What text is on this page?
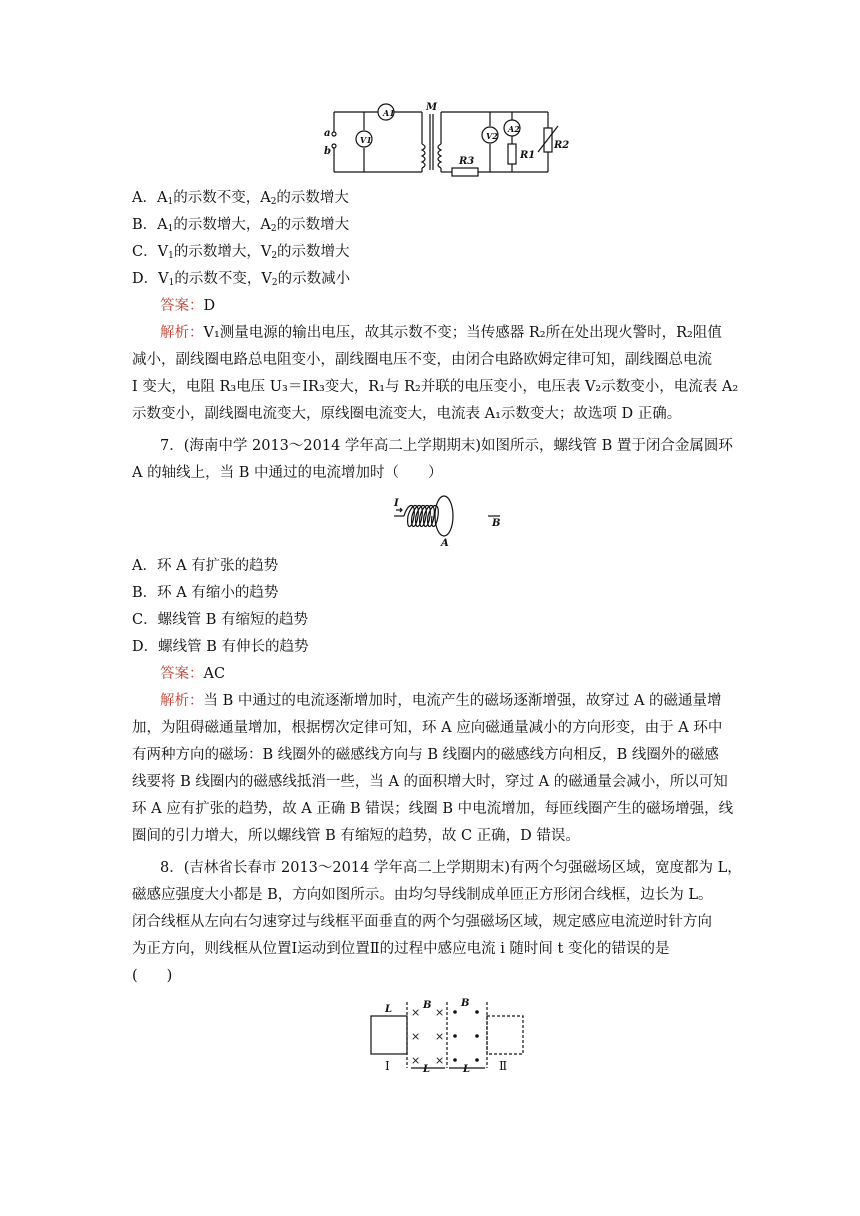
A1
V1	V2
A2
M
a
b
R3
R1
R2
A．$A_1$的示数不变，$A_2$的示数增大
B．$A_1$的示数增大，$A_2$的示数增大
C．$V_1$的示数增大，$V_2$的示数增大
D．$V_1$的示数不变，$V_2$的示数减小
答案：D
解析：V₁测量电源的输出电压，故其示数不变；当传感器 R₂所在处出现火警时，R₂阻值
减小，副线圈电路总电阻变小，副线圈电压不变，由闭合电路欧姆定律可知，副线圈总电流
I 变大，电阻 R₃电压 U₃＝IR₃变大，R₁与 R₂并联的电压变小，电压表 V₂示数变小，电流表 A₂
示数变小，副线圈电流变大，原线圈电流变大，电流表 A₁示数变大；故选项 D 正确。
7．(海南中学 2013～2014 学年高二上学期期末)如图所示，螺线管 B 置于闭合金属圆环
A 的轴线上，当 B 中通过的电流增加时（　　）
I
B
A
A．环 A 有扩张的趋势
B．环 A 有缩小的趋势
C．螺线管 B 有缩短的趋势
D．螺线管 B 有伸长的趋势
答案：AC
解析：当 B 中通过的电流逐渐增加时，电流产生的磁场逐渐增强，故穿过 A 的磁通量增
加，为阻碍磁通量增加，根据楞次定律可知，环 A 应向磁通量减小的方向形变，由于 A 环中
有两种方向的磁场：B 线圈外的磁感线方向与 B 线圈内的磁感线方向相反，B 线圈外的磁感
线要将 B 线圈内的磁感线抵消一些，当 A 的面积增大时，穿过 A 的磁通量会减小，所以可知
环 A 应有扩张的趋势，故 A 正确 B 错误；线圈 B 中电流增加，每匝线圈产生的磁场增强，线
圈间的引力增大，所以螺线管 B 有缩短的趋势，故 C 正确，D 错误。
8．(吉林省长春市 2013～2014 学年高二上学期期末)有两个匀强磁场区域，宽度都为 L，
磁感应强度大小都是 B，方向如图所示。由均匀导线制成单匝正方形闭合线框，边长为 L。
闭合线框从左向右匀速穿过与线框平面垂直的两个匀强磁场区域，规定感应电流逆时针方向
为正方向，则线框从位置Ⅰ运动到位置Ⅱ的过程中感应电流 i 随时间 t 变化的错误的是
(　　)
× ×
× ×
× ×
L	B	B
L	L
Ⅰ	Ⅱ
